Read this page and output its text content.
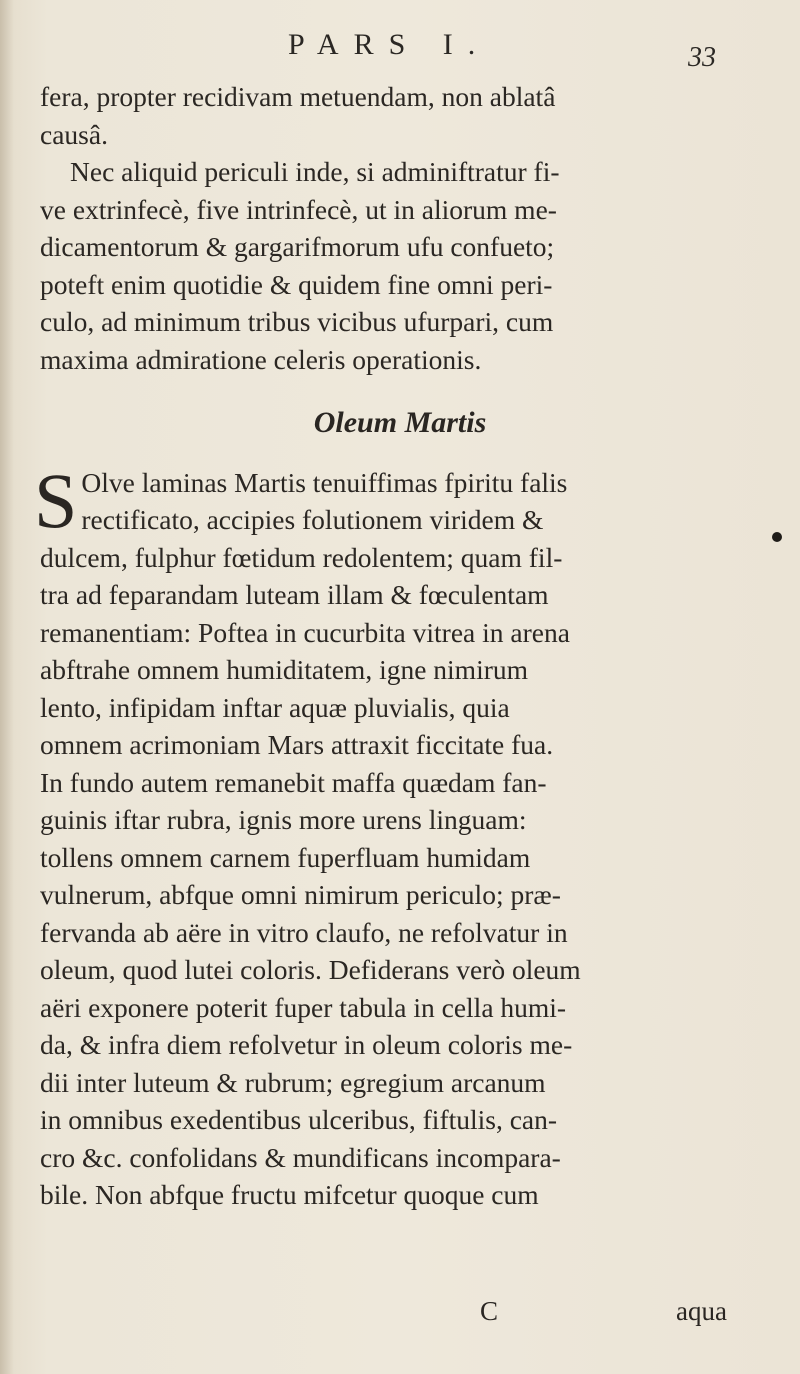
PARS I.	33

fera, propter recidivam metuendam, non ablatâ
causâ.

Nec aliquid periculi inde, si adminiftratur fi-
ve extrinfecè, five intrinfecè, ut in aliorum me-
dicamentorum & gargarifmorum ufu confueto;
poteft enim quotidie & quidem fine omni peri-
culo, ad minimum tribus vicibus ufurpari, cum
maxima admiratione celeris operationis.

Oleum Martis
S Olve laminas Martis tenuiffimas fpiritu falis
rectificato, accipies folutionem viridem &
dulcem, fulphur fœtidum redolentem; quam fil-
tra ad feparandam luteam illam & fœculentam
remanentiam: Poftea in cucurbita vitrea in arena
abftrahe omnem humiditatem, igne nimirum
lento, infipidam inftar aquæ pluvialis, quia
omnem acrimoniam Mars attraxit ficcitate fua.
In fundo autem remanebit maffa quædam fan-
guinis iftar rubra, ignis more urens linguam:
tollens omnem carnem fuperfluam humidam
vulnerum, abfque omni nimirum periculo; præ-
fervanda ab aëre in vitro claufo, ne refolvatur in
oleum, quod lutei coloris. Defiderans verò oleum
aëri exponere poterit fuper tabula in cella humi-
da, & infra diem refolvetur in oleum coloris me-
dii inter luteum & rubrum; egregium arcanum
in omnibus exedentibus ulceribus, fiftulis, can-
cro &c. confolidans & mundificans incompara-
bile. Non abfque fructu mifcetur quoque cum
C	aqua
